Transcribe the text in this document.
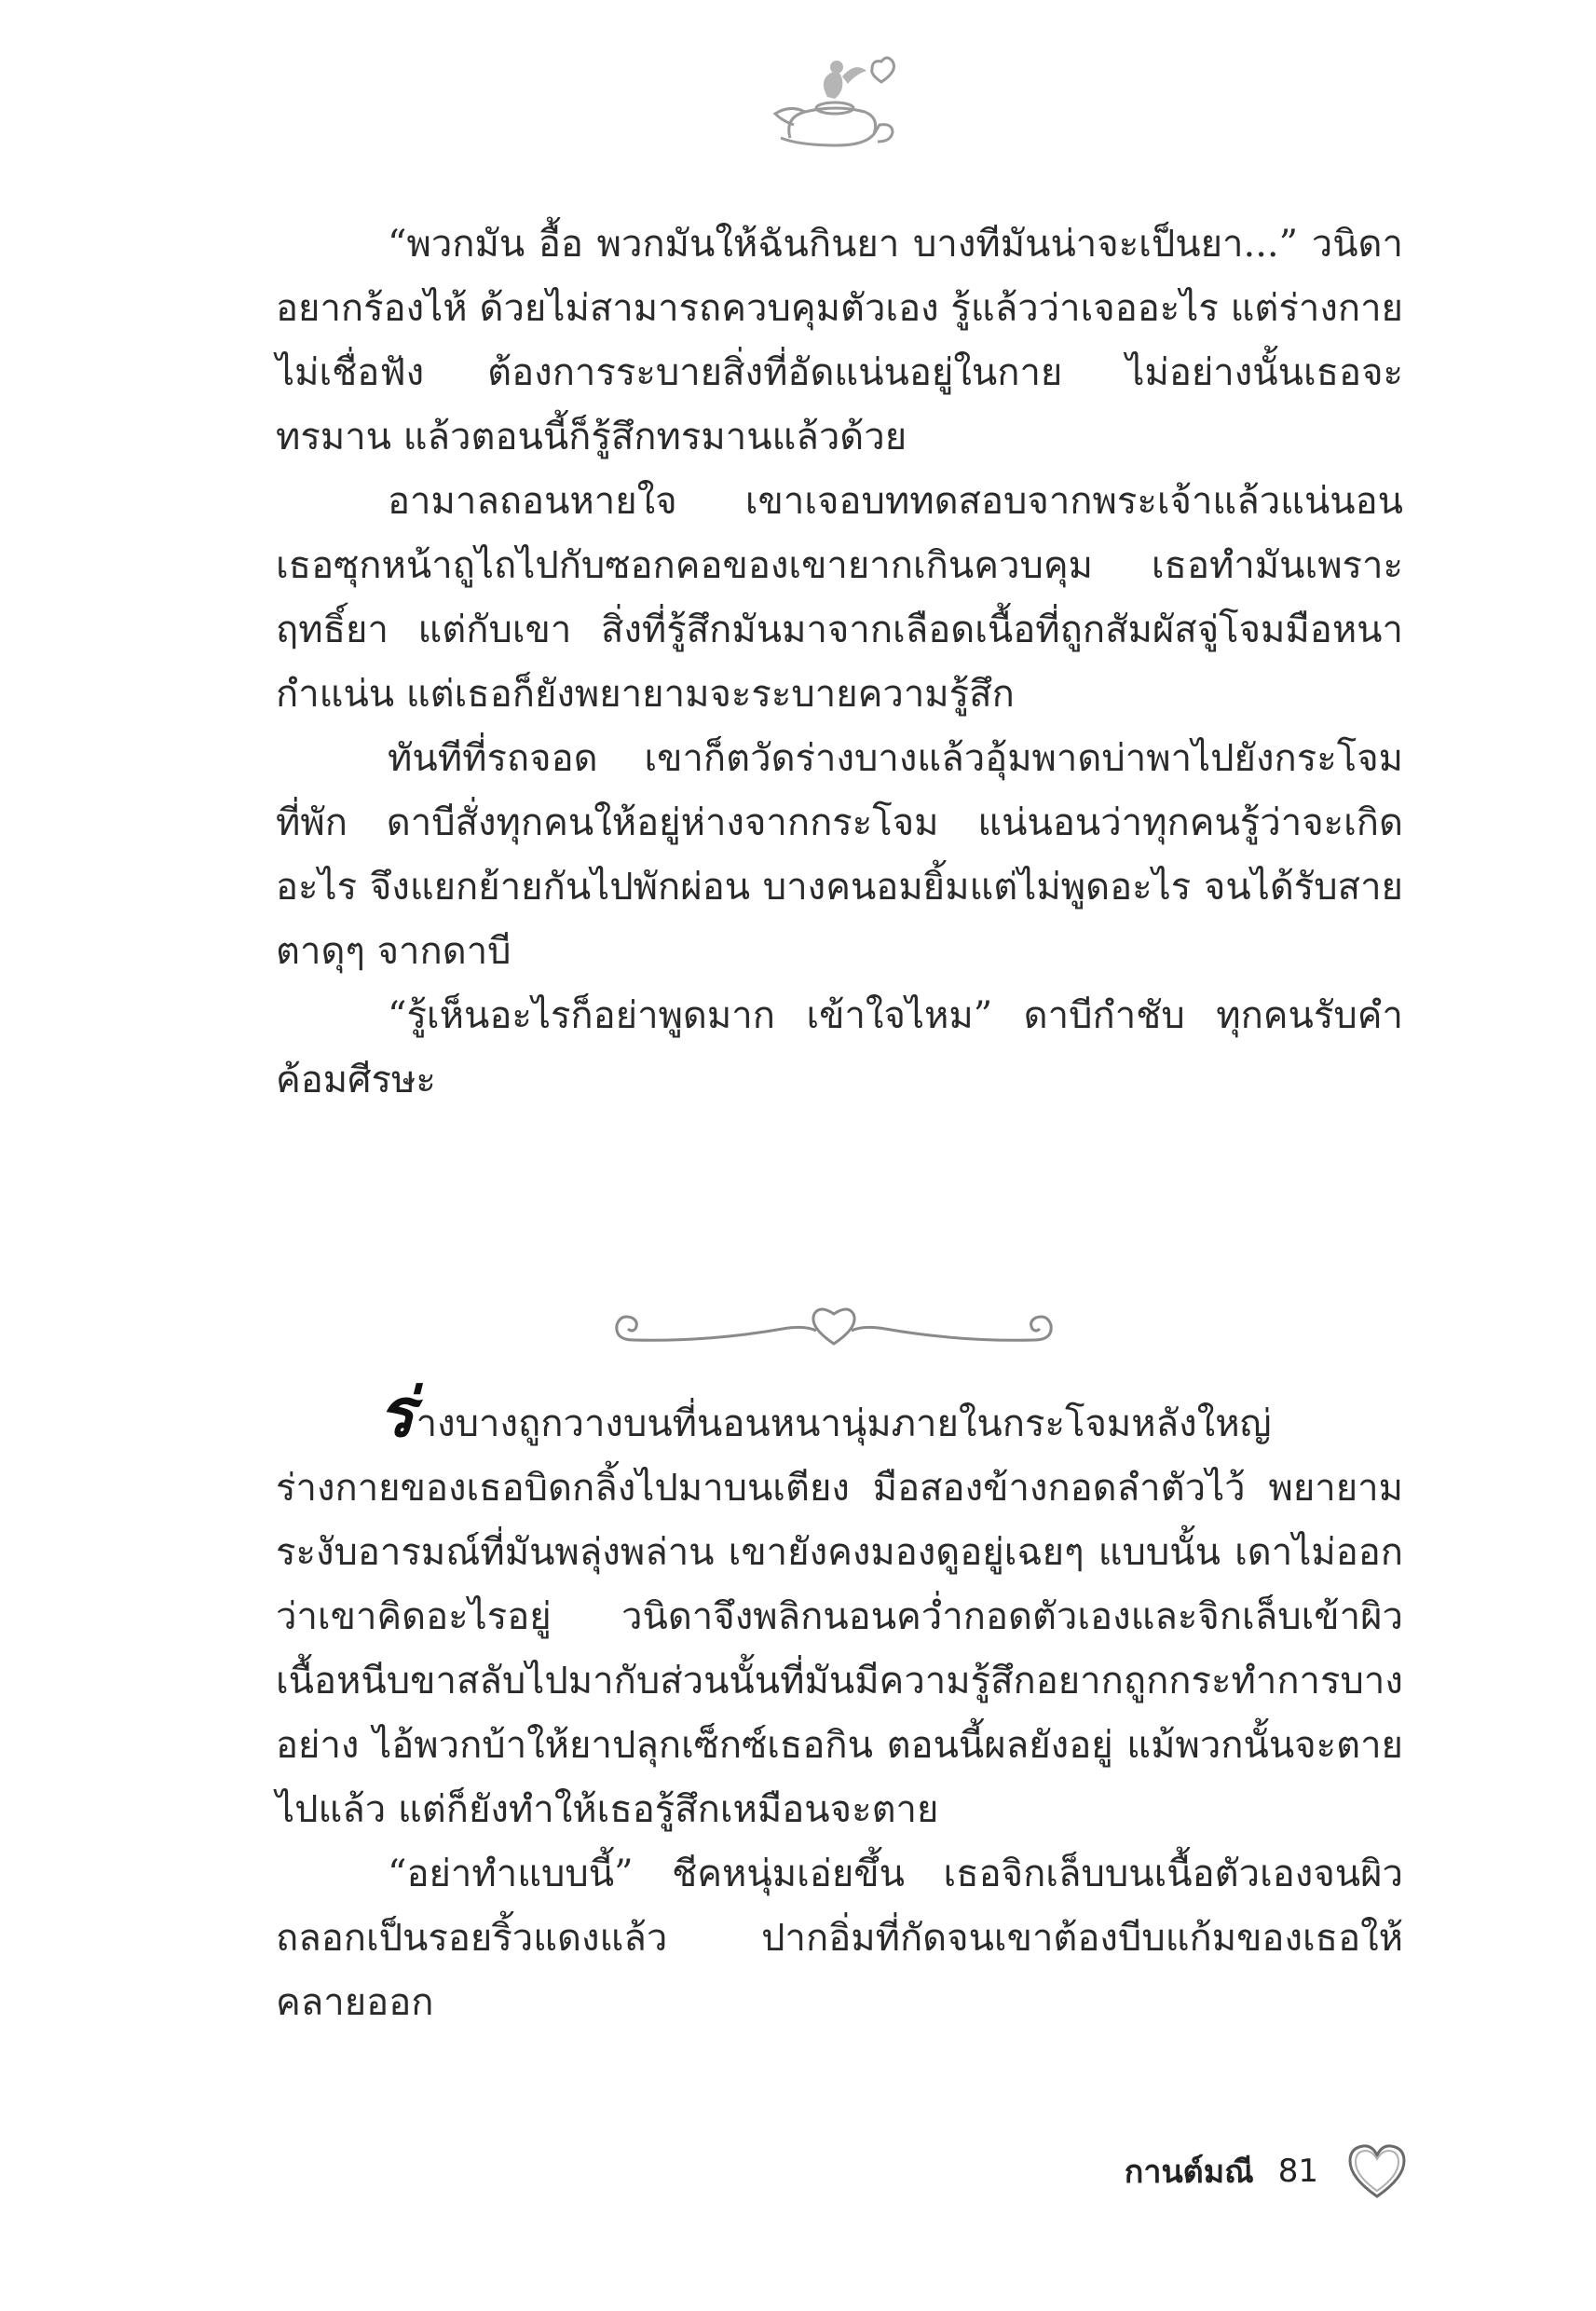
“พวกมัน อื้อ พวกมันให้ฉันกินยา บางทีมันน่าจะเป็นยา...” วนิดาอยากร้องไห้ ด้วยไม่สามารถควบคุมตัวเอง รู้แล้วว่าเจออะไร แต่ร่างกายไม่เชื่อฟัง ต้องการระบายสิ่งที่อัดแน่นอยู่ในกาย ไม่อย่างนั้นเธอจะทรมาน แล้วตอนนี้ก็รู้สึกทรมานแล้วด้วย

อามาลถอนหายใจ เขาเจอบททดสอบจากพระเจ้าแล้วแน่นอน เธอซุกหน้าถูไถไปกับซอกคอของเขายากเกินควบคุม เธอทำมันเพราะฤทธิ์ยา แต่กับเขา สิ่งที่รู้สึกมันมาจากเลือดเนื้อที่ถูกสัมผัสจู่โจมมือหนากำแน่น แต่เธอก็ยังพยายามจะระบายความรู้สึก

ทันทีที่รถจอด เขาก็ตวัดร่างบางแล้วอุ้มพาดบ่าพาไปยังกระโจมที่พัก ดาบีสั่งทุกคนให้อยู่ห่างจากกระโจม แน่นอนว่าทุกคนรู้ว่าจะเกิดอะไร จึงแยกย้ายกันไปพักผ่อน บางคนอมยิ้มแต่ไม่พูดอะไร จนได้รับสายตาดุๆ จากดาบี

“รู้เห็นอะไรก็อย่าพูดมาก เข้าใจไหม” ดาบีกำชับ ทุกคนรับคำค้อมศีรษะ

ร่างบางถูกวางบนที่นอนหนานุ่มภายในกระโจมหลังใหญ่ ร่างกายของเธอบิดกลิ้งไปมาบนเตียง มือสองข้างกอดลำตัวไว้ พยายามระงับอารมณ์ที่มันพลุ่งพล่าน เขายังคงมองดูอยู่เฉยๆ แบบนั้น เดาไม่ออกว่าเขาคิดอะไรอยู่ วนิดาจึงพลิกนอนคว่ำกอดตัวเองและจิกเล็บเข้าผิวเนื้อหนีบขาสลับไปมากับส่วนนั้นที่มันมีความรู้สึกอยากถูกกระทำการบางอย่าง ไอ้พวกบ้าให้ยาปลุกเซ็กซ์เธอกิน ตอนนี้ผลยังอยู่ แม้พวกนั้นจะตายไปแล้ว แต่ก็ยังทำให้เธอรู้สึกเหมือนจะตาย

“อย่าทำแบบนี้” ชีคหนุ่มเอ่ยขึ้น เธอจิกเล็บบนเนื้อตัวเองจนผิวถลอกเป็นรอยริ้วแดงแล้ว ปากอิ่มที่กัดจนเขาต้องบีบแก้มของเธอให้คลายออก

กานต์มณี 81
